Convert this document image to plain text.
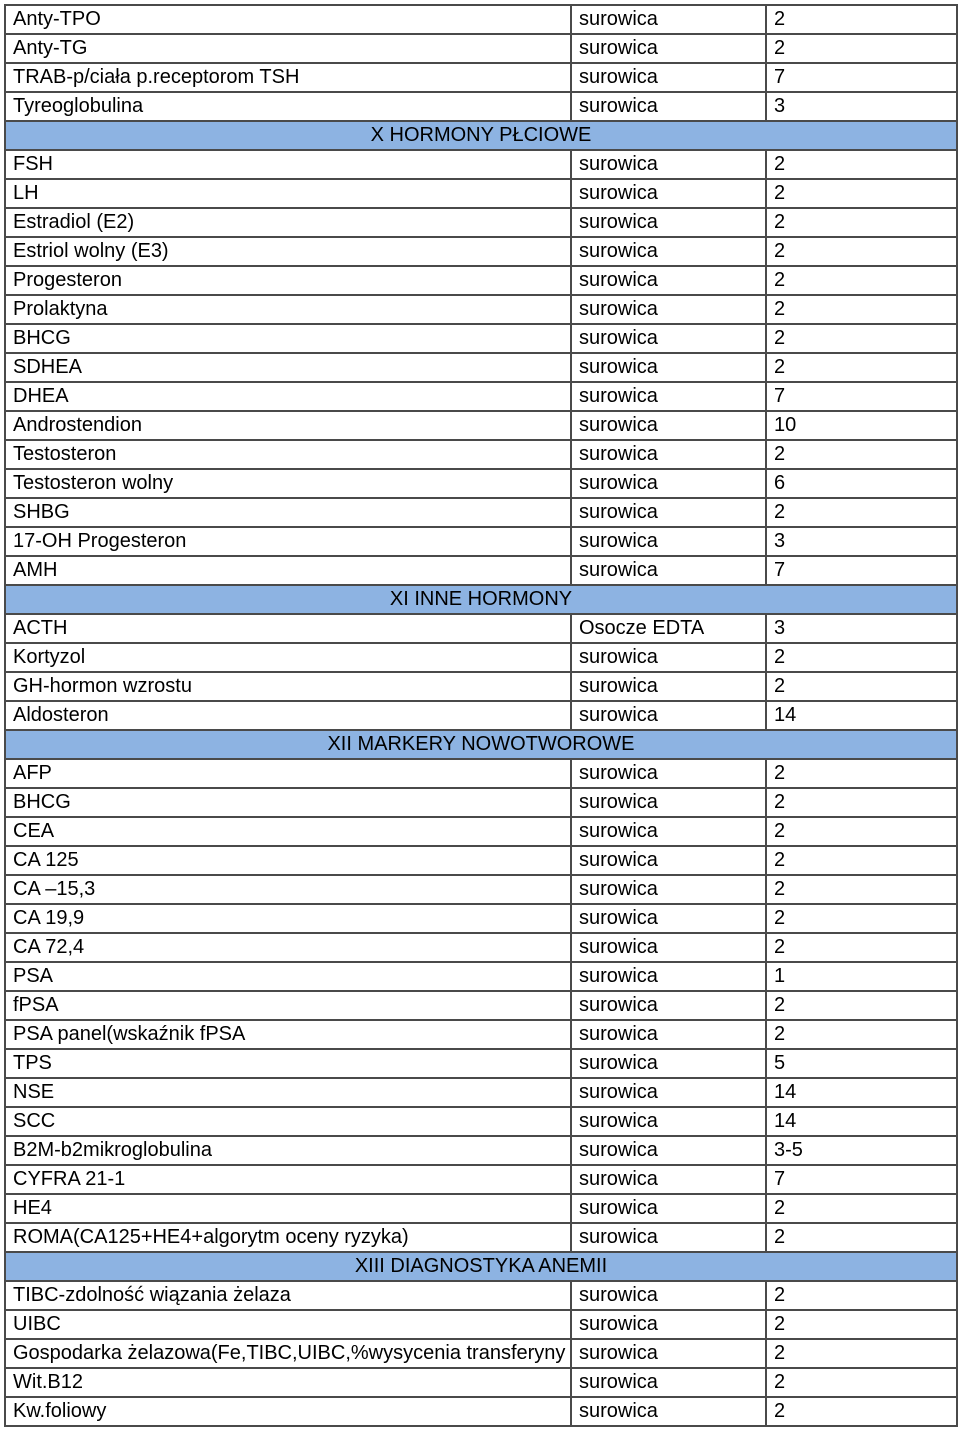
Anty-TPO	surowica	2
Anty-TG	surowica	2
TRAB-p/ciała p.receptorom TSH	surowica	7
Tyreoglobulina	surowica	3
X HORMONY PŁCIOWE		
FSH	surowica	2
LH	surowica	2
Estradiol (E2)	surowica	2
Estriol wolny (E3)	surowica	2
Progesteron	surowica	2
Prolaktyna	surowica	2
BHCG	surowica	2
SDHEA	surowica	2
DHEA	surowica	7
Androstendion	surowica	10
Testosteron	surowica	2
Testosteron wolny	surowica	6
SHBG	surowica	2
17-OH Progesteron	surowica	3
AMH	surowica	7
XI INNE HORMONY		
ACTH	Osocze EDTA	3
Kortyzol	surowica	2
GH-hormon wzrostu	surowica	2
Aldosteron	surowica	14
XII MARKERY NOWOTWOROWE		
AFP	surowica	2
BHCG	surowica	2
CEA	surowica	2
CA 125	surowica	2
CA –15,3	surowica	2
CA 19,9	surowica	2
CA 72,4	surowica	2
PSA	surowica	1
fPSA	surowica	2
PSA panel(wskaźnik fPSA	surowica	2
TPS	surowica	5
NSE	surowica	14
SCC	surowica	14
B2M-b2mikroglobulina	surowica	3-5
CYFRA 21-1	surowica	7
HE4	surowica	2
ROMA(CA125+HE4+algorytm oceny ryzyka)	surowica	2
XIII DIAGNOSTYKA ANEMII		
TIBC-zdolność wiązania żelaza	surowica	2
UIBC	surowica	2
Gospodarka żelazowa(Fe,TIBC,UIBC,%wysycenia transferyny	surowica	2
Wit.B12	surowica	2
Kw.foliowy	surowica	2
